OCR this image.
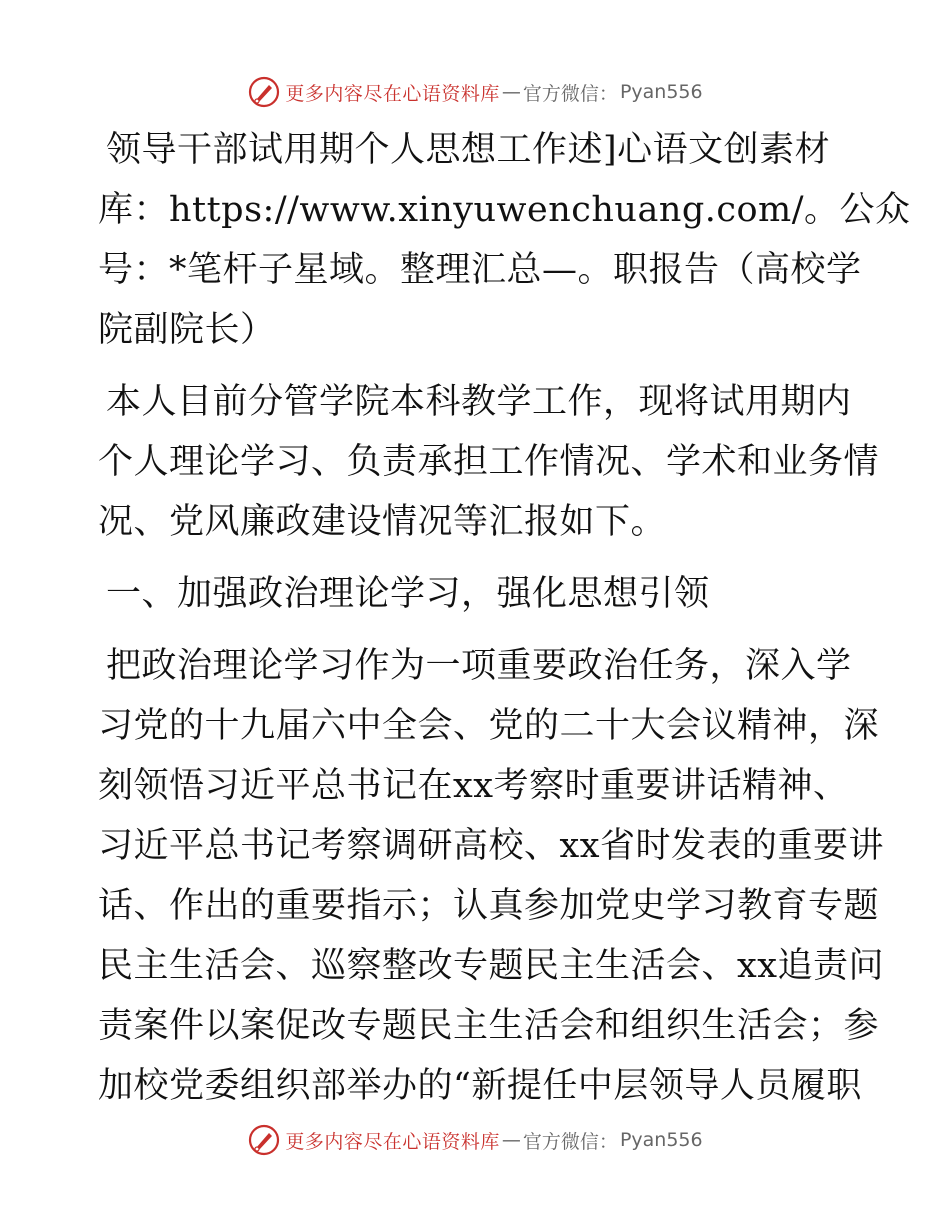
更多内容尽在心语资料库 — 官方微信： Pyan556

领导干部试用期个人思想工作述]心语文创素材
库：https://www.xinyuwenchuang.com/。公众
号：*笔杆子星域。整理汇总—。职报告（高校学
院副院长）

本人目前分管学院本科教学工作，现将试用期内
个人理论学习、负责承担工作情况、学术和业务情
况、党风廉政建设情况等汇报如下。

一、加强政治理论学习，强化思想引领

把政治理论学习作为一项重要政治任务，深入学
习党的十九届六中全会、党的二十大会议精神，深
刻领悟习近平总书记在xx考察时重要讲话精神、
习近平总书记考察调研高校、xx省时发表的重要讲
话、作出的重要指示；认真参加党史学习教育专题
民主生活会、巡察整改专题民主生活会、xx追责问
责案件以案促改专题民主生活会和组织生活会；参
加校党委组织部举办的“新提任中层领导人员履职

更多内容尽在心语资料库 — 官方微信： Pyan556
